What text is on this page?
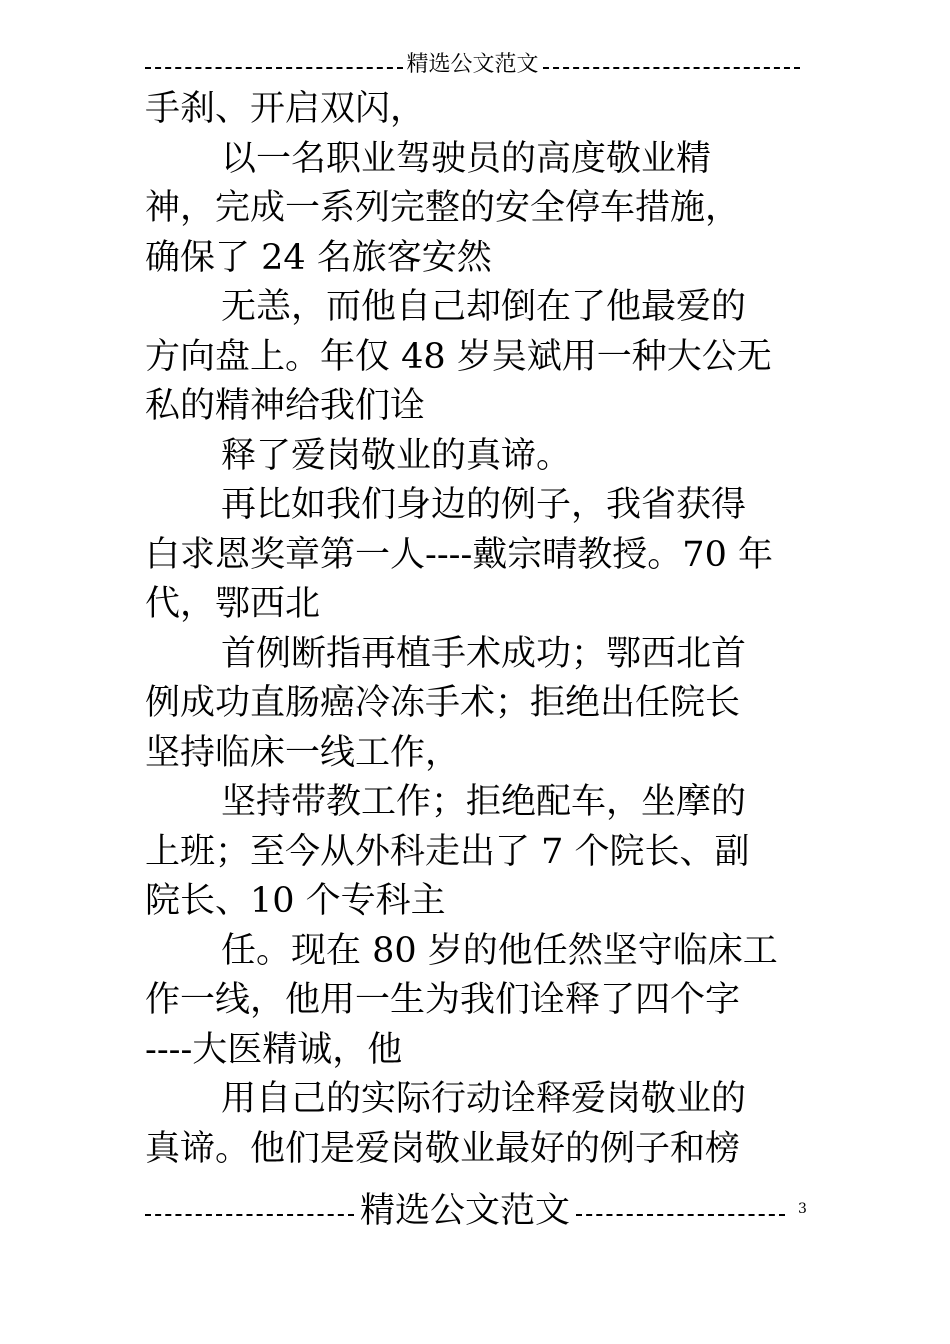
精选公文范文
手刹、开启双闪，
以一名职业驾驶员的高度敬业精
神，完成一系列完整的安全停车措施，
确保了 24 名旅客安然
无恙，而他自己却倒在了他最爱的
方向盘上。年仅 48 岁吴斌用一种大公无
私的精神给我们诠
释了爱岗敬业的真谛。
再比如我们身边的例子，我省获得
白求恩奖章第一人----戴宗晴教授。70 年
代，鄂西北
首例断指再植手术成功；鄂西北首
例成功直肠癌冷冻手术；拒绝出任院长
坚持临床一线工作，
坚持带教工作；拒绝配车，坐摩的
上班；至今从外科走出了 7 个院长、副
院长、10 个专科主
任。现在 80 岁的他任然坚守临床工
作一线，他用一生为我们诠释了四个字
----大医精诚，他
用自己的实际行动诠释爱岗敬业的
真谛。他们是爱岗敬业最好的例子和榜
精选公文范文	3
